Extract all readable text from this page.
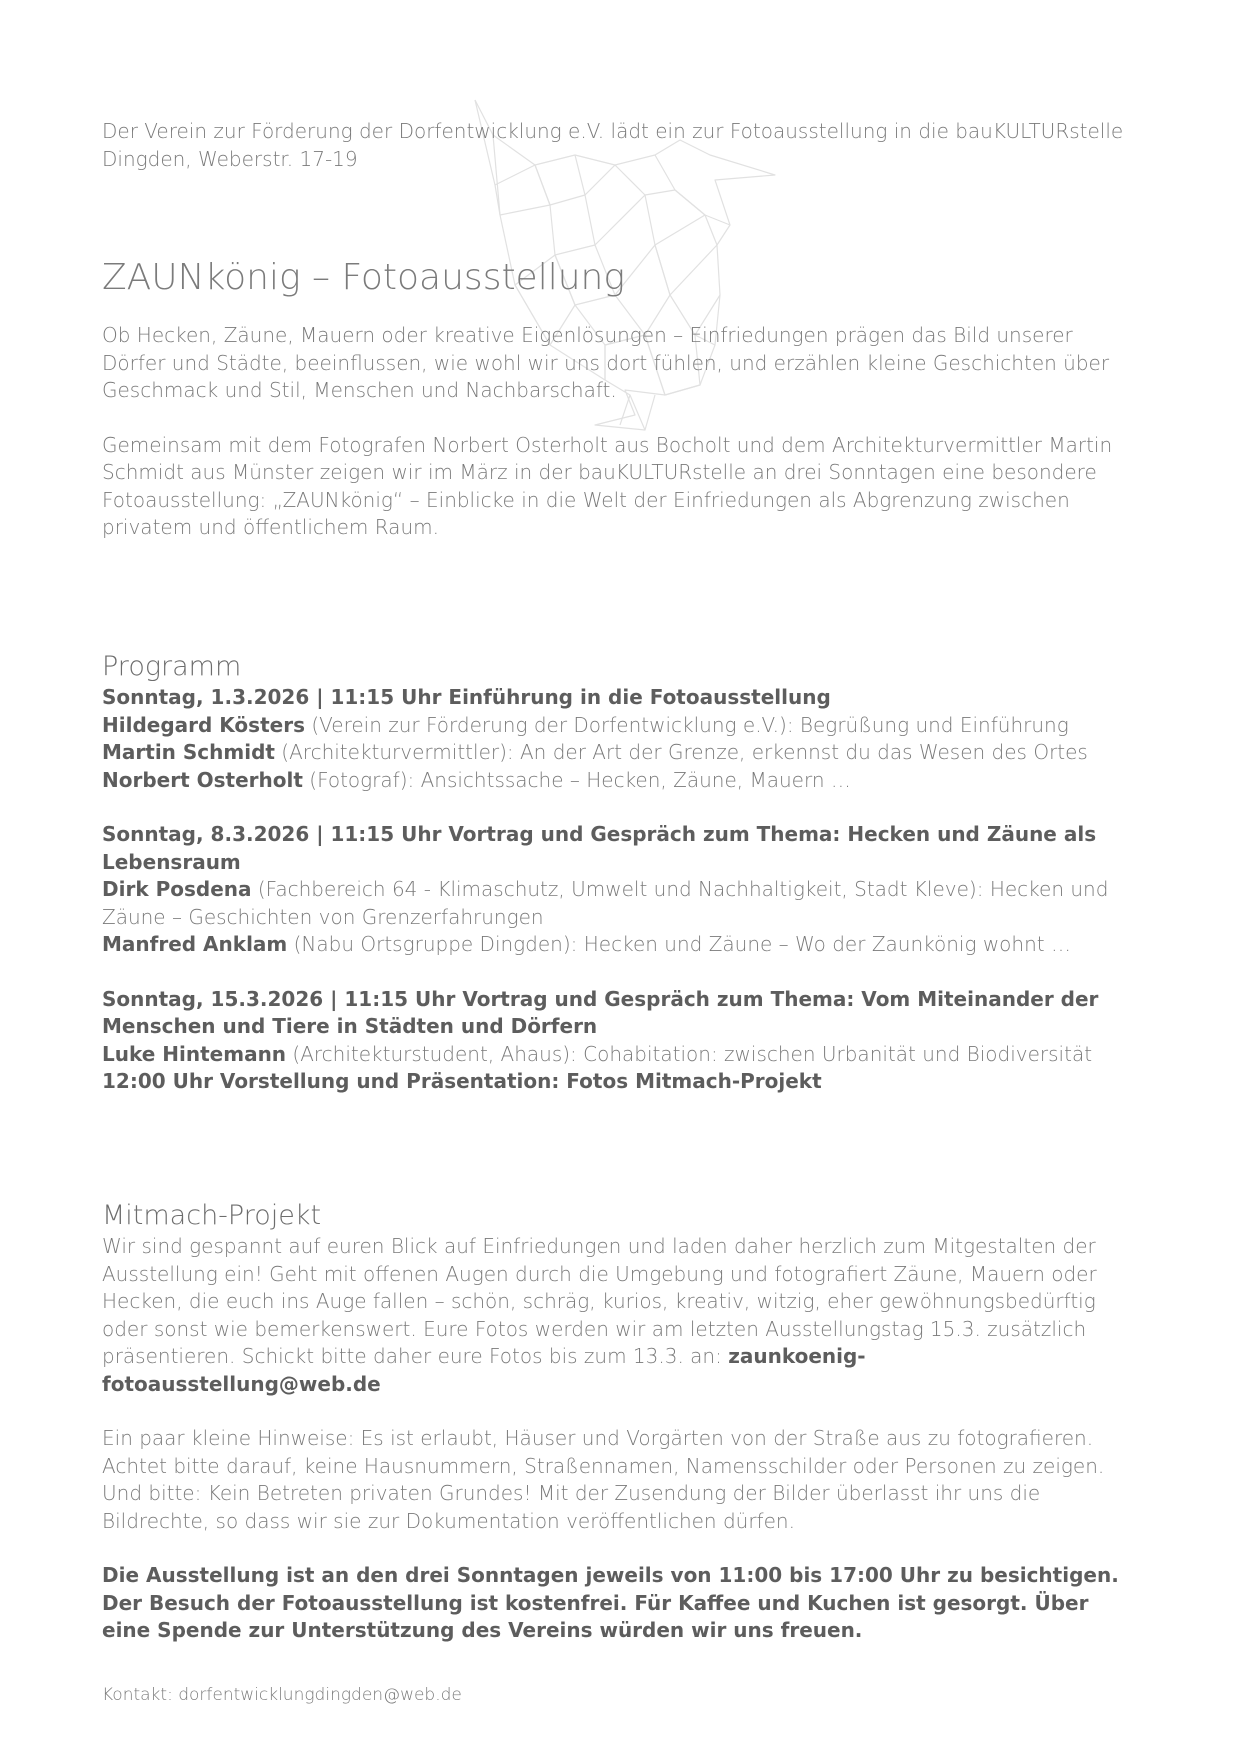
Der Verein zur Förderung der Dorfentwicklung e.V. lädt ein zur Fotoausstellung in die bauKULTURstelle

Dingden, Weberstr. 17-19

ZAUNkönig – Fotoausstellung

Ob Hecken, Zäune, Mauern oder kreative Eigenlösungen – Einfriedungen prägen das Bild unserer Dörfer und Städte, beeinflussen, wie wohl wir uns dort fühlen, und erzählen kleine Geschichten über Geschmack und Stil, Menschen und Nachbarschaft.

Gemeinsam mit dem Fotografen Norbert Osterholt aus Bocholt und dem Architekturvermittler Martin Schmidt aus Münster zeigen wir im März in der bauKULTURstelle an drei Sonntagen eine besondere Fotoausstellung: „ZAUNkönig“ – Einblicke in die Welt der Einfriedungen als Abgrenzung zwischen privatem und öffentlichem Raum.

Programm

Sonntag, 1.3.2026 | 11:15 Uhr Einführung in die Fotoausstellung

Hildegard Kösters (Verein zur Förderung der Dorfentwicklung e.V.): Begrüßung und Einführung

Martin Schmidt (Architekturvermittler): An der Art der Grenze, erkennst du das Wesen des Ortes

Norbert Osterholt (Fotograf): Ansichtssache – Hecken, Zäune, Mauern …

Sonntag, 8.3.2026 | 11:15 Uhr Vortrag und Gespräch zum Thema: Hecken und Zäune als Lebensraum

Dirk Posdena (Fachbereich 64 - Klimaschutz, Umwelt und Nachhaltigkeit, Stadt Kleve): Hecken und Zäune – Geschichten von Grenzerfahrungen

Manfred Anklam (Nabu Ortsgruppe Dingden): Hecken und Zäune – Wo der Zaunkönig wohnt …

Sonntag, 15.3.2026 | 11:15 Uhr Vortrag und Gespräch zum Thema: Vom Miteinander der Menschen und Tiere in Städten und Dörfern

Luke Hintemann (Architekturstudent, Ahaus): Cohabitation: zwischen Urbanität und Biodiversität

12:00 Uhr Vorstellung und Präsentation: Fotos Mitmach-Projekt

Mitmach-Projekt

Wir sind gespannt auf euren Blick auf Einfriedungen und laden daher herzlich zum Mitgestalten der Ausstellung ein! Geht mit offenen Augen durch die Umgebung und fotografiert Zäune, Mauern oder Hecken, die euch ins Auge fallen – schön, schräg, kurios, kreativ, witzig, eher gewöhnungsbedürftig oder sonst wie bemerkenswert. Eure Fotos werden wir am letzten Ausstellungstag 15.3. zusätzlich präsentieren. Schickt bitte daher eure Fotos bis zum 13.3. an: zaunkoenig-fotoausstellung@web.de

Ein paar kleine Hinweise: Es ist erlaubt, Häuser und Vorgärten von der Straße aus zu fotografieren. Achtet bitte darauf, keine Hausnummern, Straßennamen, Namensschilder oder Personen zu zeigen. Und bitte: Kein Betreten privaten Grundes! Mit der Zusendung der Bilder überlasst ihr uns die Bildrechte, so dass wir sie zur Dokumentation veröffentlichen dürfen.

Die Ausstellung ist an den drei Sonntagen jeweils von 11:00 bis 17:00 Uhr zu besichtigen. Der Besuch der Fotoausstellung ist kostenfrei. Für Kaffee und Kuchen ist gesorgt. Über eine Spende zur Unterstützung des Vereins würden wir uns freuen.

Kontakt: dorfentwicklungdingden@web.de
